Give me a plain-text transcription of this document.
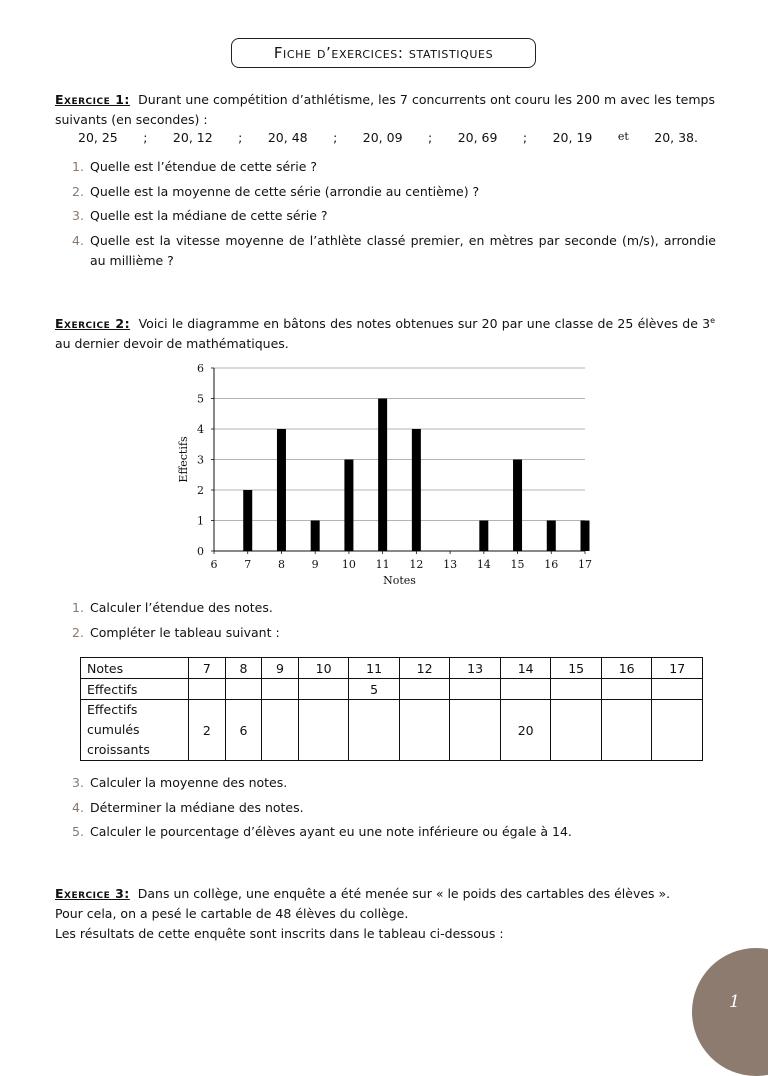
Fiche d’exercices: statistiques
Exercice 1: Durant une compétition d’athlétisme, les 7 concurrents ont couru les 200 m avec les temps suivants (en secondes) :
20, 25 ; 20, 12 ; 20, 48 ; 20, 09 ; 20, 69 ; 20, 19 et 20, 38.
1. Quelle est l’étendue de cette série ?
2. Quelle est la moyenne de cette série (arrondie au centième) ?
3. Quelle est la médiane de cette série ?
4. Quelle est la vitesse moyenne de l’athlète classé premier, en mètres par seconde (m/s), arrondie au millième ?
Exercice 2: Voici le diagramme en bâtons des notes obtenues sur 20 par une classe de 25 élèves de 3e au dernier devoir de mathématiques.
0
1
2
3
4
5
6
6 7 8 9 10 11 12 13 14 15 16 17
Notes
Effectifs
1. Calculer l’étendue des notes.
2. Compléter le tableau suivant :
Notes	7	8	9	10	11	12	13	14	15	16	17
Effectifs					5						

Effectifs
cumulés
croissants	2	6						20			
3. Calculer la moyenne des notes.
4. Déterminer la médiane des notes.
5. Calculer le pourcentage d’élèves ayant eu une note inférieure ou égale à 14.
Exercice 3: Dans un collège, une enquête a été menée sur « le poids des cartables des élèves ».
Pour cela, on a pesé le cartable de 48 élèves du collège.
Les résultats de cette enquête sont inscrits dans le tableau ci-dessous :
1
